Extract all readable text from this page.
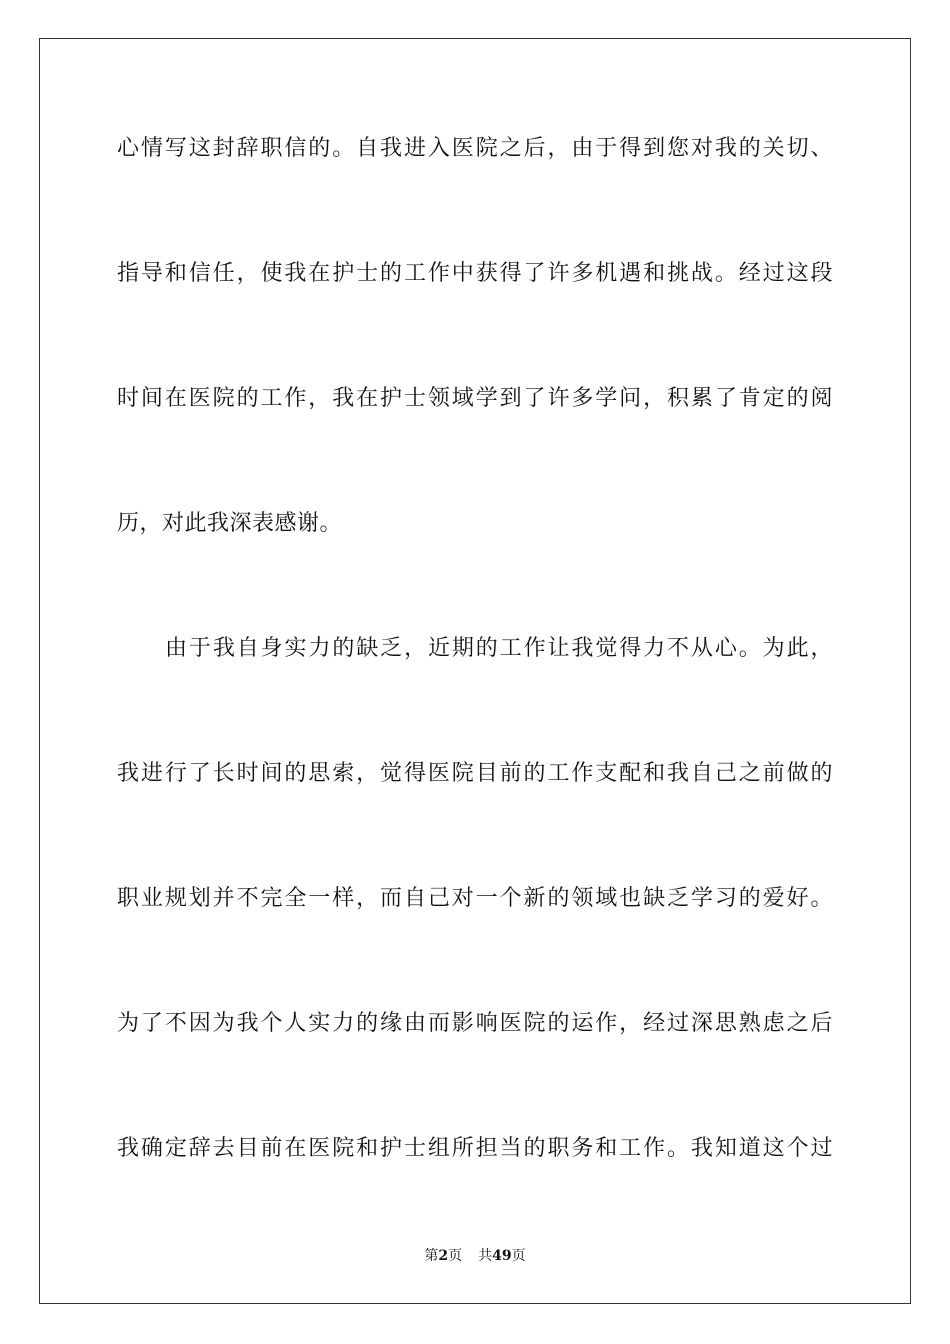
心情写这封辞职信的。自我进入医院之后，由于得到您对我的关切、
指导和信任，使我在护士的工作中获得了许多机遇和挑战。经过这段
时间在医院的工作，我在护士领域学到了许多学问，积累了肯定的阅
历，对此我深表感谢。
由于我自身实力的缺乏，近期的工作让我觉得力不从心。为此，
我进行了长时间的思索，觉得医院目前的工作支配和我自己之前做的
职业规划并不完全一样，而自己对一个新的领域也缺乏学习的爱好。
为了不因为我个人实力的缘由而影响医院的运作，经过深思熟虑之后
我确定辞去目前在医院和护士组所担当的职务和工作。我知道这个过
第2页 共49页
